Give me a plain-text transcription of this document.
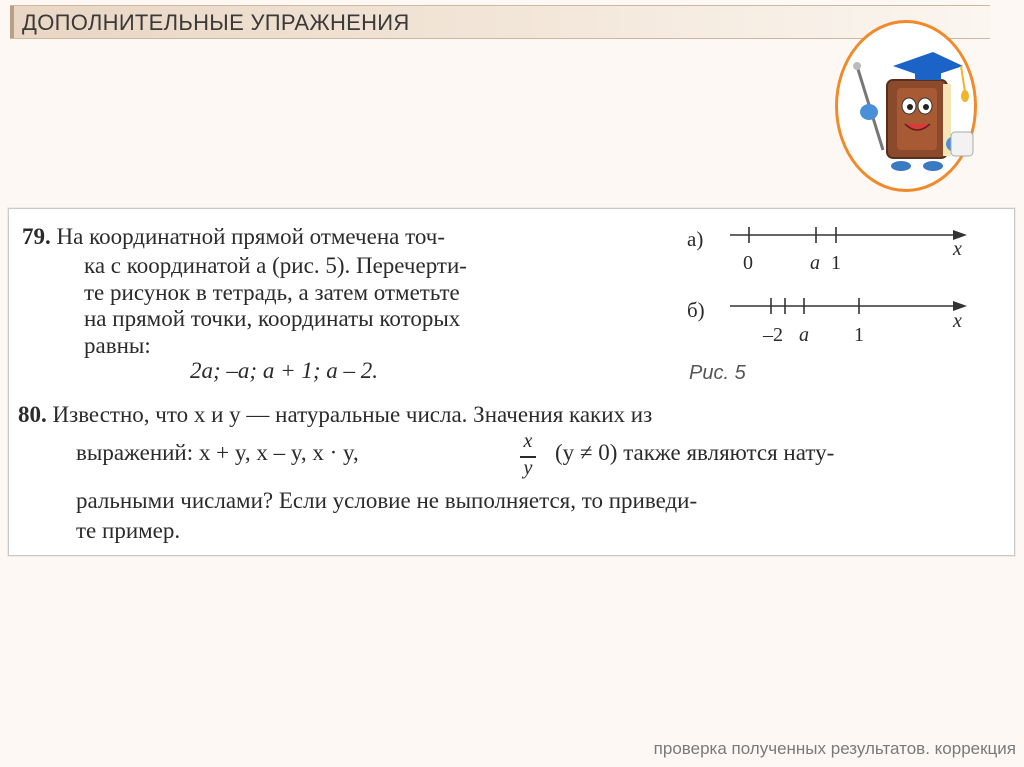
ДОПОЛНИТЕЛЬНЫЕ УПРАЖНЕНИЯ
79. На координатной прямой отмечена точ-
ка с координатой a (рис. 5). Перечерти-
те рисунок в тетрадь, а затем отметьте
на прямой точки, координаты которых
равны:
2a; –a; a + 1; a – 2.
а)
0	a 1
x
б)
–2 a 1
x
Рис. 5
80. Известно, что x и y — натуральные числа. Значения каких из
выражений: x + y, x – y, x · y,	x
y
(y ≠ 0) также являются нату-
ральными числами? Если условие не выполняется, то приведи-
те пример.
проверка полученных результатов. коррекция
